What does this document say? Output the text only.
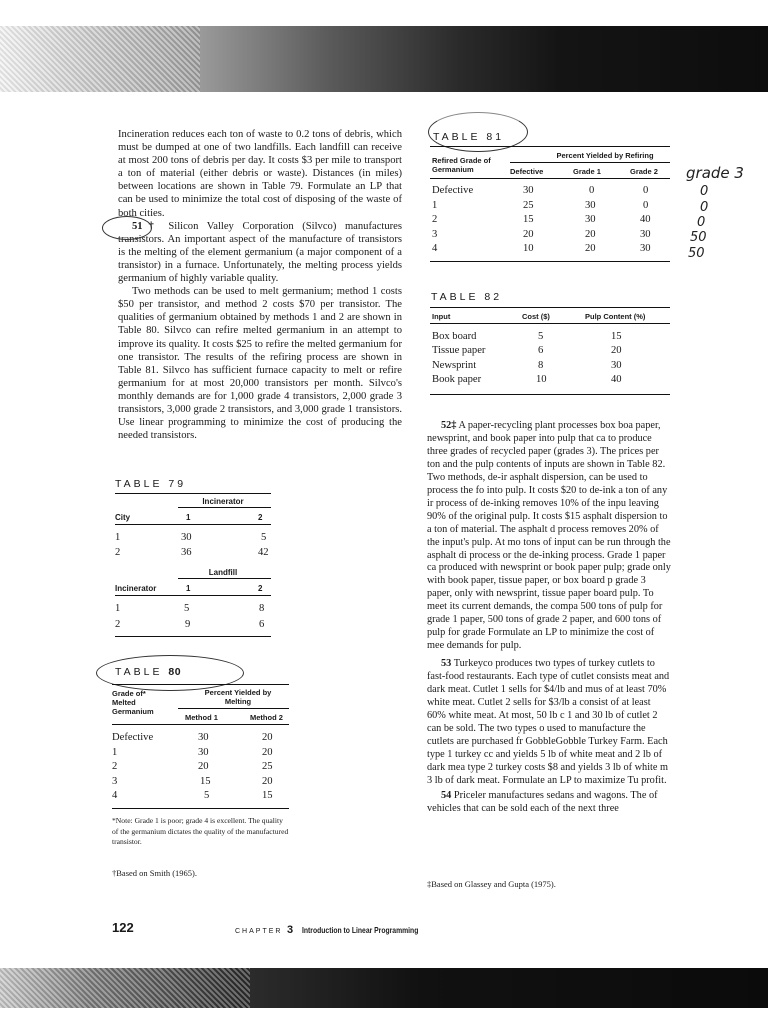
Incineration reduces each ton of waste to 0.2 tons of debris, which must be dumped at one of two landfills. Each landfill can receive at most 200 tons of debris per day. It costs $3 per mile to transport a ton of material (either debris or waste). Distances (in miles) between locations are shown in Table 79. Formulate an LP that can be used to minimize the total cost of disposing of the waste of both cities.

51† Silicon Valley Corporation (Silvco) manufactures transistors. An important aspect of the manufacture of transistors is the melting of the element germanium (a major component of a transistor) in a furnace. Unfortunately, the melting process yields germanium of highly variable quality.

Two methods can be used to melt germanium; method 1 costs $50 per transistor, and method 2 costs $70 per transistor. The qualities of germanium obtained by methods 1 and 2 are shown in Table 80. Silvco can refire melted germanium in an attempt to improve its quality. It costs $25 to refire the melted germanium for one transistor. The results of the refiring process are shown in Table 81. Silvco has sufficient furnace capacity to melt or refire germanium for at most 20,000 transistors per month. Silvco's monthly demands are for 1,000 grade 4 transistors, 2,000 grade 3 transistors, 3,000 grade 2 transistors, and 3,000 grade 1 transistors. Use linear programming to minimize the cost of producing the needed transistors.

TABLE 79
Incinerator
City	1	2
1	30	5
2	36	42
Landfill
Incinerator	1	2
1	5	8
2	9	6
TABLE 80
Grade of* Melted Germanium
Percent Yielded by Melting
Method 1	Method 2
Defective	30	20
1	30	20
2	20	25
3	15	20
4	5	15
*Note: Grade 1 is poor; grade 4 is excellent. The quality of the germanium dictates the quality of the manufactured transistor.
†Based on Smith (1965).
TABLE 81
Refired Grade of Germanium
Percent Yielded by Refiring
Defective	Grade 1	Grade 2
Defective	30	0	0
1	25	30	0
2	15	30	40
3	20	20	30
4	10	20	30
grade 3
0
0
0
50
50
TABLE 82
Input	Cost ($)	Pulp Content (%)
Box board	5	15
Tissue paper	6	20
Newsprint	8	30
Book paper	10	40

52‡ A paper-recycling plant processes box boa paper, newsprint, and book paper into pulp that ca to produce three grades of recycled paper (grades 3). The prices per ton and the pulp contents of inputs are shown in Table 82. Two methods, de-ir asphalt dispersion, can be used to process the fo into pulp. It costs $20 to de-ink a ton of any ir process of de-inking removes 10% of the inpu leaving 90% of the original pulp. It costs $15 asphalt dispersion to a ton of material. The asphalt d process removes 20% of the input's pulp. At mo tons of input can be run through the asphalt di process or the de-inking process. Grade 1 paper ca produced with newsprint or book paper pulp; grade only with book paper, tissue paper, or box board p grade 3 paper, only with newsprint, tissue paper board pulp. To meet its current demands, the compa 500 tons of pulp for grade 1 paper, 500 tons of grade 2 paper, and 600 tons of pulp for grade Formulate an LP to minimize the cost of mee demands for pulp.

53 Turkeyco produces two types of turkey cutlets to fast-food restaurants. Each type of cutlet consists meat and dark meat. Cutlet 1 sells for $4/lb and mus of at least 70% white meat. Cutlet 2 sells for $3/lb a consist of at least 60% white meat. At most, 50 lb c 1 and 30 lb of cutlet 2 can be sold. The two types o used to manufacture the cutlets are purchased fr GobbleGobble Turkey Farm. Each type 1 turkey cc and yields 5 lb of white meat and 2 lb of dark mea type 2 turkey costs $8 and yields 3 lb of white m 3 lb of dark meat. Formulate an LP to maximize Tu profit.

54 Priceler manufactures sedans and wagons. The of vehicles that can be sold each of the next three

‡Based on Glassey and Gupta (1975).
122	CHAPTER 3 Introduction to Linear Programming
